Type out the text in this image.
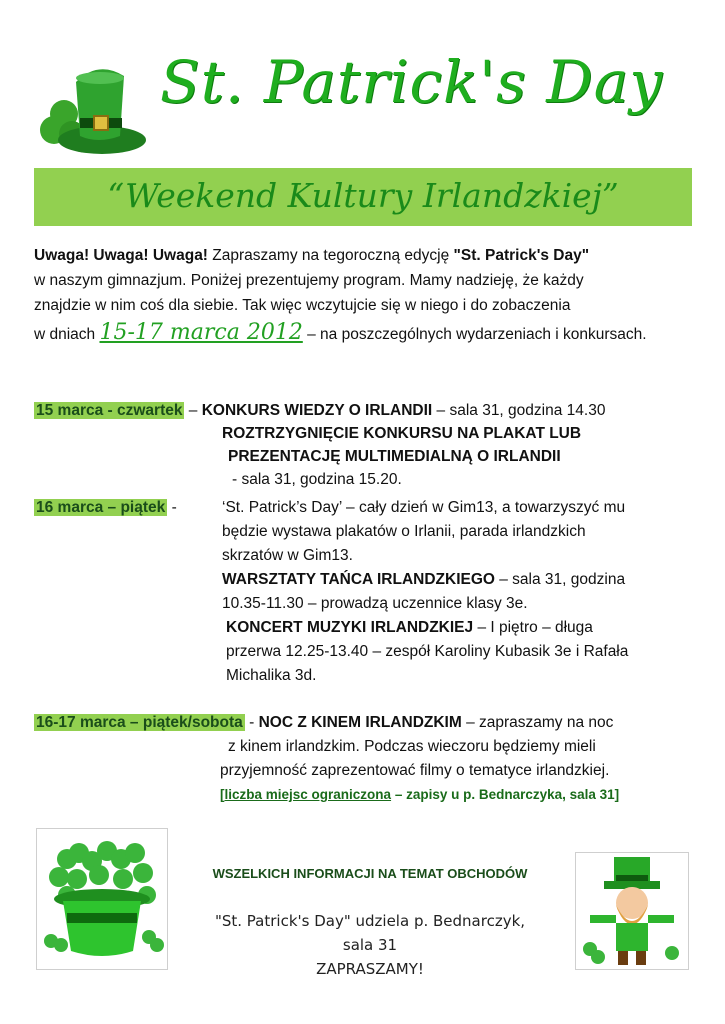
St. Patrick's Day
“Weekend Kultury Irlandzkiej”
Uwaga! Uwaga! Uwaga! Zapraszamy na tegoroczną edycję "St. Patrick's Day"
w naszym gimnazjum. Poniżej prezentujemy program. Mamy nadzieję, że każdy
znajdzie w nim coś dla siebie. Tak więc wczytujcie się w niego i do zobaczenia
w dniach 15-17 marca 2012 – na poszczególnych wydarzeniach i konkursach.
15 marca - czwartek – KONKURS WIEDZY O IRLANDII – sala 31, godzina 14.30
ROZTRZYGNIĘCIE KONKURSU NA PLAKAT LUB
PREZENTACJĘ MULTIMEDIALNĄ O IRLANDII
- sala 31, godzina 15.20.
16 marca – piątek -	‘St. Patrick’s Day’ – cały dzień w Gim13, a towarzyszyć mu
będzie wystawa plakatów o Irlanii, parada irlandzkich
skrzatów w Gim13.
WARSZTATY TAŃCA IRLANDZKIEGO – sala 31, godzina
10.35-11.30 – prowadzą uczennice klasy 3e.
KONCERT MUZYKI IRLANDZKIEJ – I piętro – długa
przerwa 12.25-13.40 – zespół Karoliny Kubasik 3e i Rafała
Michalika 3d.
16-17 marca – piątek/sobota - NOC Z KINEM IRLANDZKIM – zapraszamy na noc
z kinem irlandzkim. Podczas wieczoru będziemy mieli
przyjemność zaprezentować filmy o tematyce irlandzkiej.
[liczba miejsc ograniczona – zapisy u p. Bednarczyka, sala 31]
WSZELKICH INFORMACJI NA TEMAT OBCHODÓW
"St. Patrick's Day" udziela p. Bednarczyk,
sala 31
ZAPRASZAMY!
